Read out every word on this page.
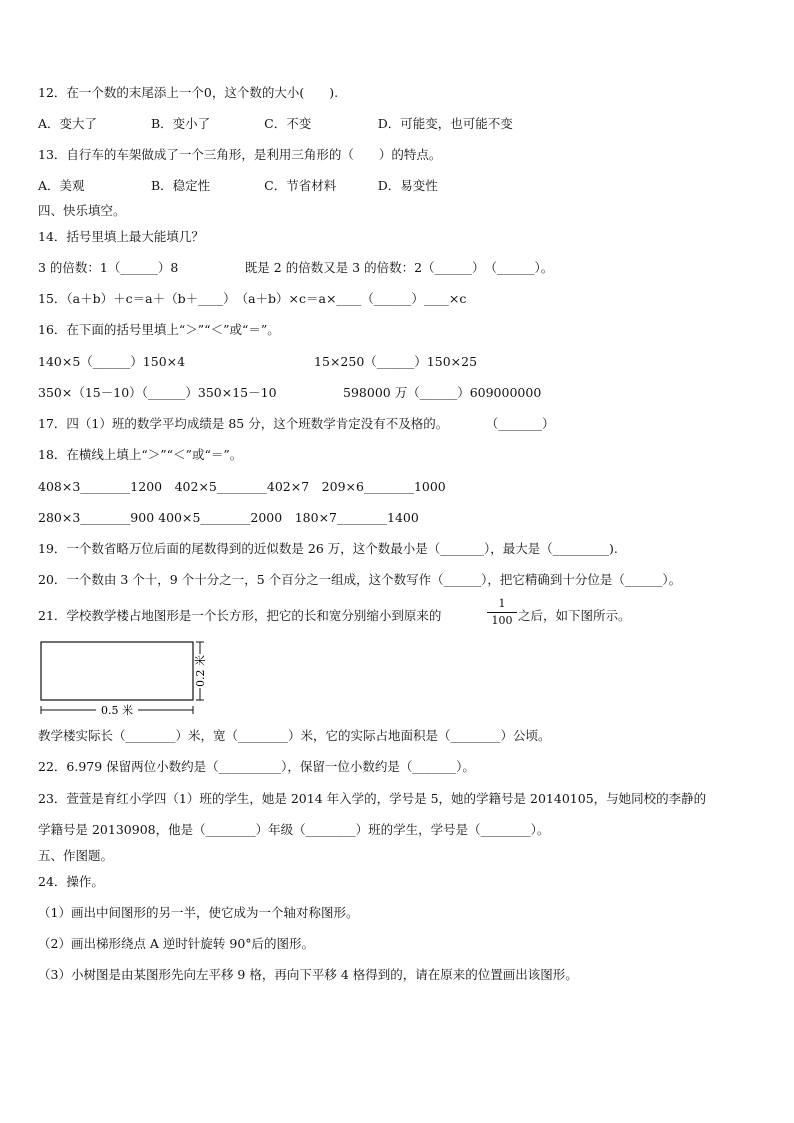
12．在一个数的末尾添上一个0，这个数的大小(　　).
A．变大了　　　　 B．变小了　　　　 C．不变　　　　　 D．可能变，也可能不变
13．自行车的车架做成了一个三角形，是利用三角形的（　　）的特点。
A．美观　　　　　 B．稳定性　　　　 C．节省材料　　　 D．易变性
四、快乐填空。
14．括号里填上最大能填几？
3 的倍数：1（______）8　　　　　 既是 2 的倍数又是 3 的倍数：2（______）　（______）。
15．（a＋b）＋c＝a＋（b＋____）　（a＋b）×c＝a×____（______）____×c
16．在下面的括号里填上“＞”“＜”或“＝”。
140×5（______）150×4　　　　　　　　　　 15×250（______）150×25
350×（15－10）（______）350×15－10　　　　　 598000 万（______）609000000
17．四（1）班的数学平均成绩是 85 分，这个班数学肯定没有不及格的。　　　　（_______）
18．在横线上填上“＞”“＜”或“＝”。
408×3________1200　402×5________402×7　209×6________1000
280×3________900 400×5________2000　180×7________1400
19．一个数省略万位后面的尾数得到的近似数是 26 万，这个数最小是（_______），最大是（_________).
20．一个数由 3 个十，9 个十分之一，5 个百分之一组成，这个数写作（______），把它精确到十分位是（______）。
21．学校教学楼占地图形是一个长方形，把它的长和宽分别缩小到原来的	$\frac{1}{100}$ 之后，如下图所示。
0.5 米
0.2 米
教学楼实际长（________）米，宽（________）米，它的实际占地面积是（________）公顷。
22．6.979 保留两位小数约是（__________），保留一位小数约是（_______）。
23．萱萱是育红小学四（1）班的学生，她是 2014 年入学的，学号是 5，她的学籍号是 20140105，与她同校的李静的
学籍号是 20130908，他是（________）年级（________）班的学生，学号是（________）。
五、作图题。
24．操作。
（1）画出中间图形的另一半，使它成为一个轴对称图形。
（2）画出梯形绕点 A 逆时针旋转 90°后的图形。
（3）小树图是由某图形先向左平移 9 格，再向下平移 4 格得到的，请在原来的位置画出该图形。
